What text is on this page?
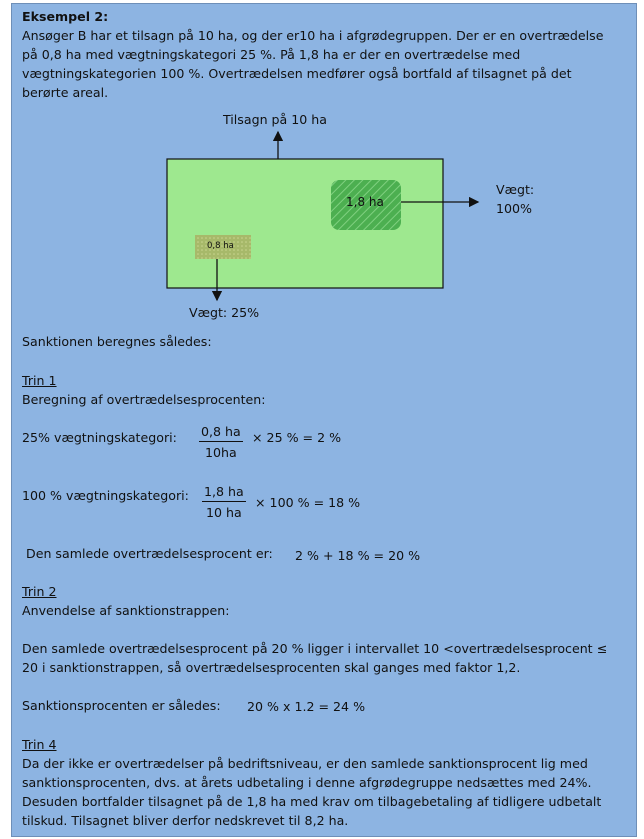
Eksempel 2:
Ansøger B har et tilsagn på 10 ha, og der er10 ha i afgrødegruppen. Der er en overtrædelse
på 0,8 ha med vægtningskategori 25 %. På 1,8 ha er der en overtrædelse med
vægtningskategorien 100 %. Overtrædelsen medfører også bortfald af tilsagnet på det
berørte areal.
Tilsagn på 10 ha
1,8 ha
0,8 ha
Vægt:
100%
Vægt: 25%
Sanktionen beregnes således:
Trin 1
Beregning af overtrædelsesprocenten:
25% vægtningskategori: $\frac{0,8 ha}{10ha} \times 25$ % = 2 %
100 % vægtningskategori: $\frac{1,8 ha}{10 ha} \times 100$ % = 18 %
Den samlede overtrædelsesprocent er: 2 % + 18 % = 20 %
Trin 2
Anvendelse af sanktionstrappen:
Den samlede overtrædelsesprocent på 20 % ligger i intervallet 10 <overtrædelsesprocent ≤
20 i sanktionstrappen, så overtrædelsesprocenten skal ganges med faktor 1,2.
Sanktionsprocenten er således: 20 % x 1.2 = 24 %
Trin 4
Da der ikke er overtrædelser på bedriftsniveau, er den samlede sanktionsprocent lig med
sanktionsprocenten, dvs. at årets udbetaling i denne afgrødegruppe nedsættes med 24%.
Desuden bortfalder tilsagnet på de 1,8 ha med krav om tilbagebetaling af tidligere udbetalt
tilskud. Tilsagnet bliver derfor nedskrevet til 8,2 ha.
